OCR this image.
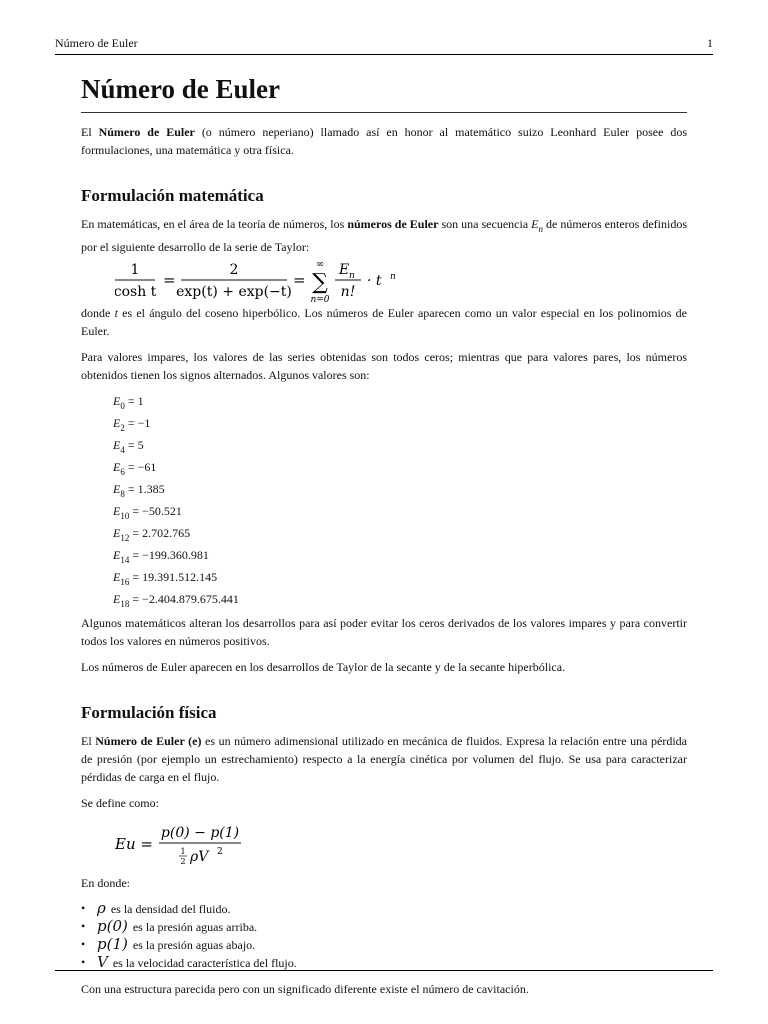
Número de Euler	1
Número de Euler

El Número de Euler (o número neperiano) llamado así en honor al matemático suizo Leonhard Euler posee dos formulaciones, una matemática y otra física.

Formulación matemática

En matemáticas, en el área de la teoría de números, los números de Euler son una secuencia $E_n$ de números enteros definidos por el siguiente desarrollo de la serie de Taylor:

1
cosh t
=
2
exp(t) + exp(−t)
=
∞
∑
n=0
E n
n!
· t n

donde t es el ángulo del coseno hiperbólico. Los números de Euler aparecen como un valor especial en los polinomios de Euler.

Para valores impares, los valores de las series obtenidas son todos ceros; mientras que para valores pares, los números obtenidos tienen los signos alternados. Algunos valores son:

$E_0 = 1$
$E_2 = -1$
$E_4 = 5$
$E_6 = -61$
$E_8 = 1.385$
$E_{10} = -50.521$
$E_{12} = 2.702.765$
$E_{14} = -199.360.981$
$E_{16} = 19.391.512.145$
$E_{18} = -2.404.879.675.441$

Algunos matemáticos alteran los desarrollos para así poder evitar los ceros derivados de los valores impares y para convertir todos los valores en números positivos.

Los números de Euler aparecen en los desarrollos de Taylor de la secante y de la secante hiperbólica.

Formulación física

El Número de Euler (e) es un número adimensional utilizado en mecánica de fluidos. Expresa la relación entre una pérdida de presión (por ejemplo un estrechamiento) respecto a la energía cinética por volumen del flujo. Se usa para caracterizar pérdidas de carga en el flujo.

Se define como:

Eu =
p(0) − p(1)
1
2 ρV 2

En donde:

• ρ es la densidad del fluido.
• p(0) es la presión aguas arriba.
• p(1) es la presión aguas abajo.
• V es la velocidad característica del flujo.

Con una estructura parecida pero con un significado diferente existe el número de cavitación.
